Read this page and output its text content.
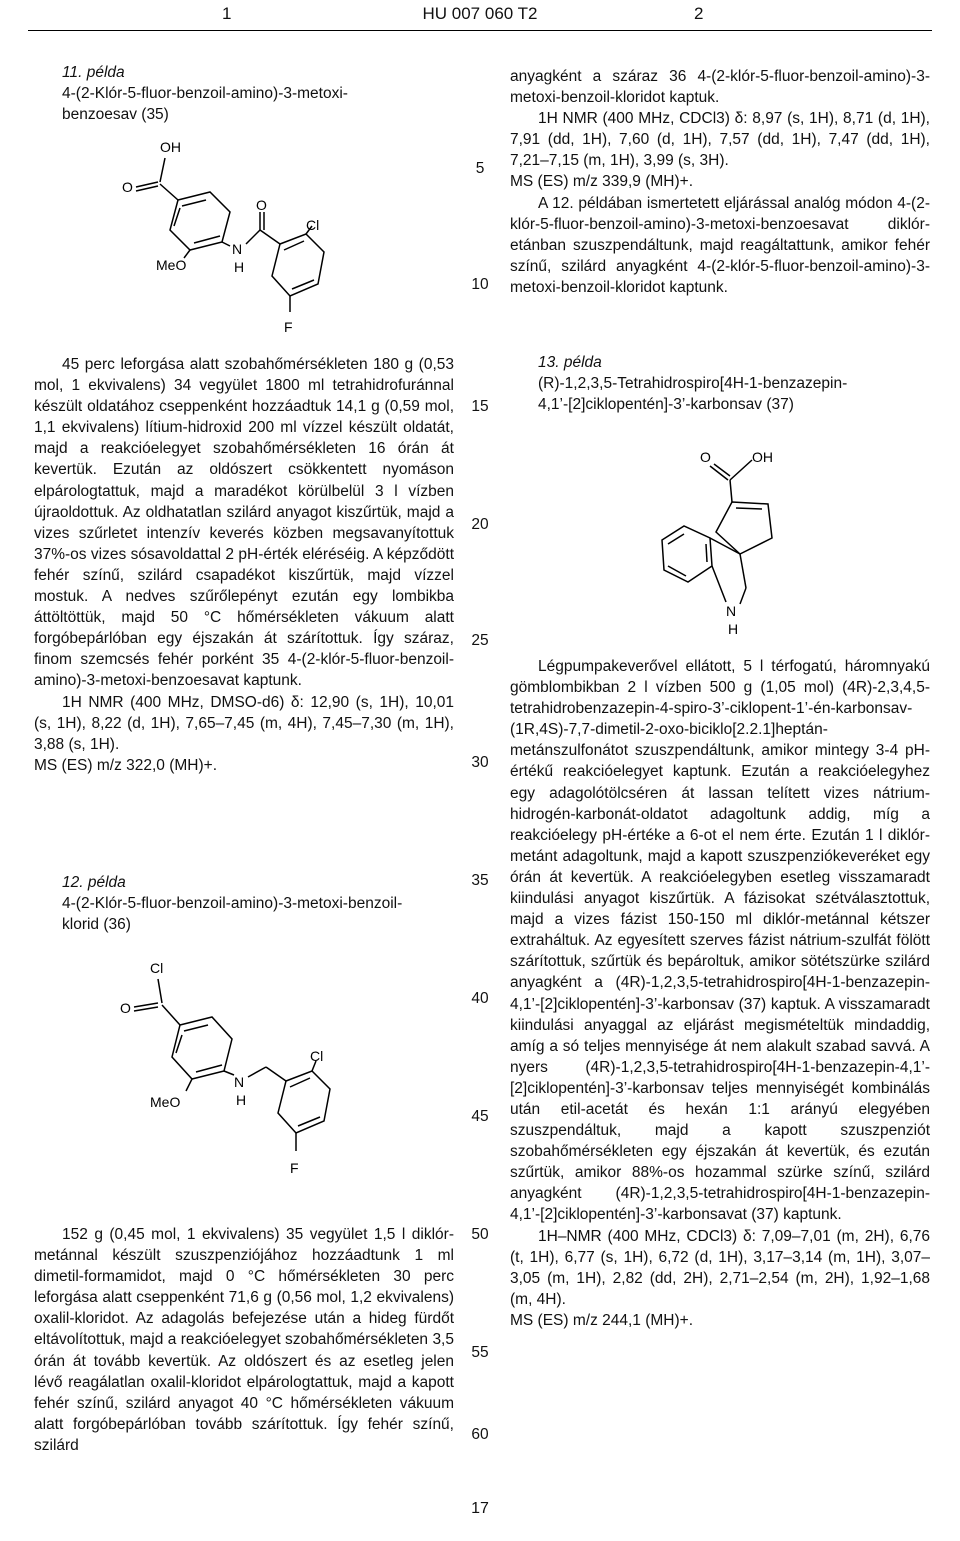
1	HU 007 060 T2	2

11. példa

4-(2-Klór-5-fluor-benzoil-amino)-3-metoxi-

benzoesav (35)

OH
O
MeO
N
H
O
Cl
F

45 perc leforgása alatt szobahőmérsékleten 180 g (0,53 mol, 1 ekvivalens) 34 vegyület 1800 ml tetrahidrofuránnal készült oldatához cseppenként hozzáadtuk 14,1 g (0,59 mol, 1,1 ekvivalens) lítium-hidroxid 200 ml vízzel készült oldatát, majd a reakcióelegyet szobahőmérsékleten 16 órán át kevertük. Ezután az oldószert csökkentett nyomáson elpárologtattuk, majd a maradékot körülbelül 3 l vízben újraoldottuk. Az oldhatatlan szilárd anyagot kiszűrtük, majd a vizes szűrletet intenzív keverés közben megsavanyítottuk 37%-os vizes sósavoldattal 2 pH-érték eléréséig. A képződött fehér színű, szilárd csapadékot kiszűrtük, majd vízzel mostuk. A nedves szűrőlepényt ezután egy lombikba áttöltöttük, majd 50 °C hőmérsékleten vákuum alatt forgóbepárlóban egy éjszakán át szárítottuk. Így száraz, finom szemcsés fehér porként 35 4-(2-klór-5-fluor-benzoil-amino)-3-metoxi-benzoesavat kaptunk.

1H NMR (400 MHz, DMSO-d6) δ: 12,90 (s, 1H), 10,01 (s, 1H), 8,22 (d, 1H), 7,65–7,45 (m, 4H), 7,45–7,30 (m, 1H), 3,88 (s, 1H).

MS (ES) m/z 322,0 (MH)+.

12. példa

4-(2-Klór-5-fluor-benzoil-amino)-3-metoxi-benzoil-

klorid (36)

Cl
O
MeO
N
H
Cl
F

152 g (0,45 mol, 1 ekvivalens) 35 vegyület 1,5 l diklór-metánnal készült szuszpenziójához hozzáadtunk 1 ml dimetil-formamidot, majd 0 °C hőmérsékleten 30 perc leforgása alatt cseppenként 71,6 g (0,56 mol, 1,2 ekvivalens) oxalil-kloridot. Az adagolás befejezése után a hideg fürdőt eltávolítottuk, majd a reakcióelegyet szobahőmérsékleten 3,5 órán át tovább kevertük. Az oldószert és az esetleg jelen lévő reagálatlan oxalil-kloridot elpárologtattuk, majd a kapott fehér színű, szilárd anyagot 40 °C hőmérsékleten vákuum alatt forgóbepárlóban tovább szárítottuk. Így fehér színű, szilárd

5
10
15
20
25
30
35
40
45
50
55
60

anyagként a száraz 36 4-(2-klór-5-fluor-benzoil-amino)-3-metoxi-benzoil-kloridot kaptuk.

1H NMR (400 MHz, CDCl3) δ: 8,97 (s, 1H), 8,71 (d, 1H), 7,91 (dd, 1H), 7,60 (d, 1H), 7,57 (dd, 1H), 7,47 (dd, 1H), 7,21–7,15 (m, 1H), 3,99 (s, 3H).

MS (ES) m/z 339,9 (MH)+.

A 12. példában ismertetett eljárással analóg módon 4-(2-klór-5-fluor-benzoil-amino)-3-metoxi-benzoesavat diklór-etánban szuszpendáltunk, majd reagáltattunk, amikor fehér színű, szilárd anyagként 4-(2-klór-5-fluor-benzoil-amino)-3-metoxi-benzoil-kloridot kaptunk.

13. példa

(R)-1,2,3,5-Tetrahidrospiro[4H-1-benzazepin-

4,1’-[2]ciklopentén]-3’-karbonsav (37)

O	OH
N
H

Légpumpakeverővel ellátott, 5 l térfogatú, háromnyakú gömblombikban 2 l vízben 500 g (1,05 mol) (4R)-2,3,4,5-tetrahidrobenzazepin-4-spiro-3’-ciklopent-1’-én-karbonsav-(1R,4S)-7,7-dimetil-2-oxo-biciklo[2.2.1]heptán-metánszulfonátot szuszpendáltunk, amikor mintegy 3-4 pH-értékű reakcióelegyet kaptunk. Ezután a reakcióelegyhez egy adagolótölcséren át lassan telített vizes nátrium-hidrogén-karbonát-oldatot adagoltunk addig, míg a reakcióelegy pH-értéke a 6-ot el nem érte. Ezután 1 l diklór-metánt adagoltunk, majd a kapott szuszpenziókeveréket egy órán át kevertük. A reakcióelegyben esetleg visszamaradt kiindulási anyagot kiszűrtük. A fázisokat szétválasztottuk, majd a vizes fázist 150-150 ml diklór-metánnal kétszer extraháltuk. Az egyesített szerves fázist nátrium-szulfát fölött szárítottuk, szűrtük és bepároltuk, amikor sötétszürke szilárd anyagként a (4R)-1,2,3,5-tetrahidrospiro[4H-1-benzazepin-4,1’-[2]ciklopentén]-3’-karbonsav (37) kaptuk. A visszamaradt kiindulási anyaggal az eljárást megismételtük mindaddig, amíg a só teljes mennyisége át nem alakult szabad savvá. A nyers (4R)-1,2,3,5-tetrahidrospiro[4H-1-benzazepin-4,1’-[2]ciklopentén]-3’-karbonsav teljes mennyiségét kombinálás után etil-acetát és hexán 1:1 arányú elegyében szuszpendáltuk, majd a kapott szuszpenziót szobahőmérsékleten egy éjszakán át kevertük, és ezután szűrtük, amikor 88%-os hozammal szürke színű, szilárd anyagként (4R)-1,2,3,5-tetrahidrospiro[4H-1-benzazepin-4,1’-[2]ciklopentén]-3’-karbonsavat (37) kaptunk.

1H–NMR (400 MHz, CDCl3) δ: 7,09–7,01 (m, 2H), 6,76 (t, 1H), 6,77 (s, 1H), 6,72 (d, 1H), 3,17–3,14 (m, 1H), 3,07–3,05 (m, 1H), 2,82 (dd, 2H), 2,71–2,54 (m, 2H), 1,92–1,68 (m, 4H).

MS (ES) m/z 244,1 (MH)+.

17
